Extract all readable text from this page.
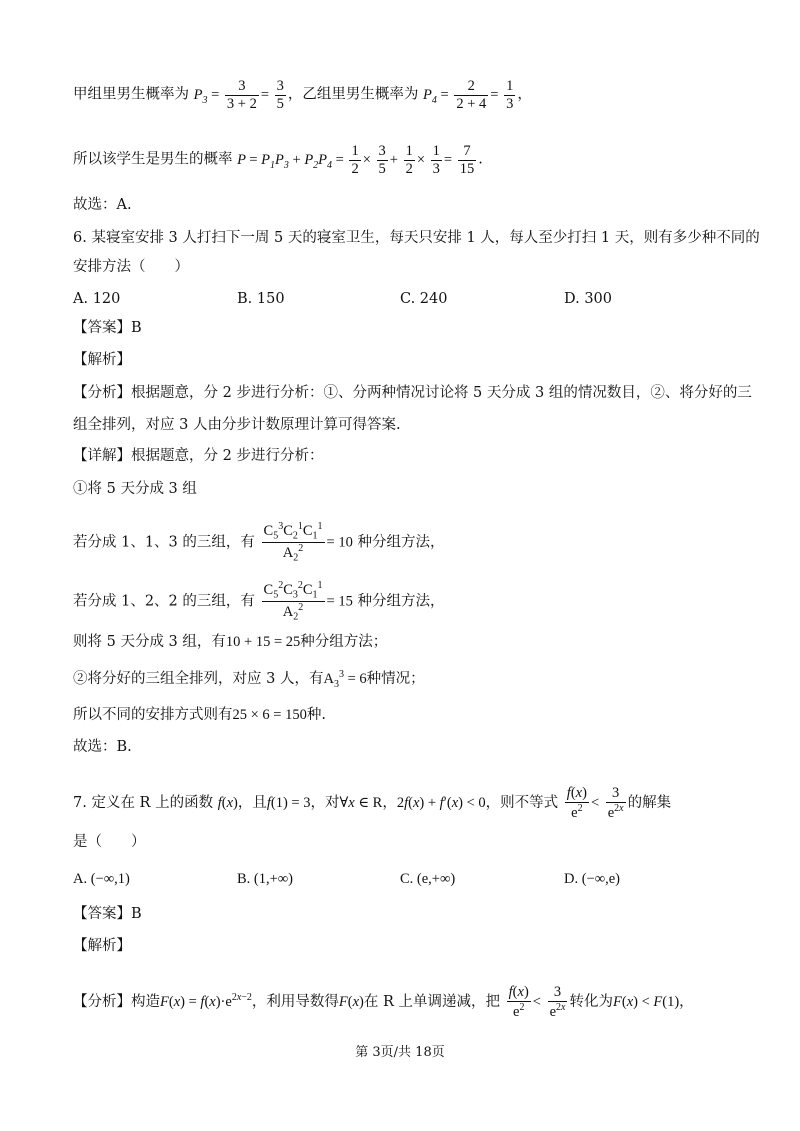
甲组里男生概率为 $P_3 = \frac{3}{3 + 2} = \frac{3}{5}$ ，乙组里男生概率为 $P_4 = \frac{2}{2 + 4} = \frac{1}{3}$ ，
所以该学生是男生的概率 $P = P_1P_3 + P_2P_4 = \frac{1}{2} \times \frac{3}{5} + \frac{1}{2} \times \frac{1}{3} = \frac{7}{15}$ .
故选：A.
6. 某寝室安排 3 人打扫下一周 5 天的寝室卫生，每天只安排 1 人，每人至少打扫 1 天，则有多少种不同的
安排方法（　　）
A. 120	B. 150	C. 240	D. 300
【答案】B
【解析】
【分析】根据题意，分 2 步进行分析：①、分两种情况讨论将 5 天分成 3 组的情况数目，②、将分好的三
组全排列，对应 3 人由分步计数原理计算可得答案.
【详解】根据题意，分 2 步进行分析：
①将 5 天分成 3 组
若分成 1、1、3 的三组，有 $\frac{C_5^3C_2^1C_1^1}{A_2^2} = 10$ 种分组方法，
若分成 1、2、2 的三组，有 $\frac{C_5^2C_3^2C_1^1}{A_2^2} = 15$ 种分组方法，
则将 5 天分成 3 组，有10 + 15 = 25种分组方法；
②将分好的三组全排列，对应 3 人，有$A_3^3 = 6$种情况；
所以不同的安排方式则有25 × 6 = 150种.
故选：B.
7. 定义在 R 上的函数 f(x)，且f(1) = 3，对∀x ∈ R，2f(x) + f′(x) < 0，则不等式 $\frac{f(x)}{e^2} < \frac{3}{e^{2x}}$ 的解集
是（　　）
A. (−∞,1)	B. (1,+∞)	C. (e,+∞)	D. (−∞,e)
【答案】B
【解析】
【分析】构造$F(x) = f(x)\cdot e^{2x-2}$，利用导数得F(x)在 R 上单调递减，把 $\frac{f(x)}{e^2} < \frac{3}{e^{2x}}$ 转化为F(x) < F(1)，
第 3页/共 18页
